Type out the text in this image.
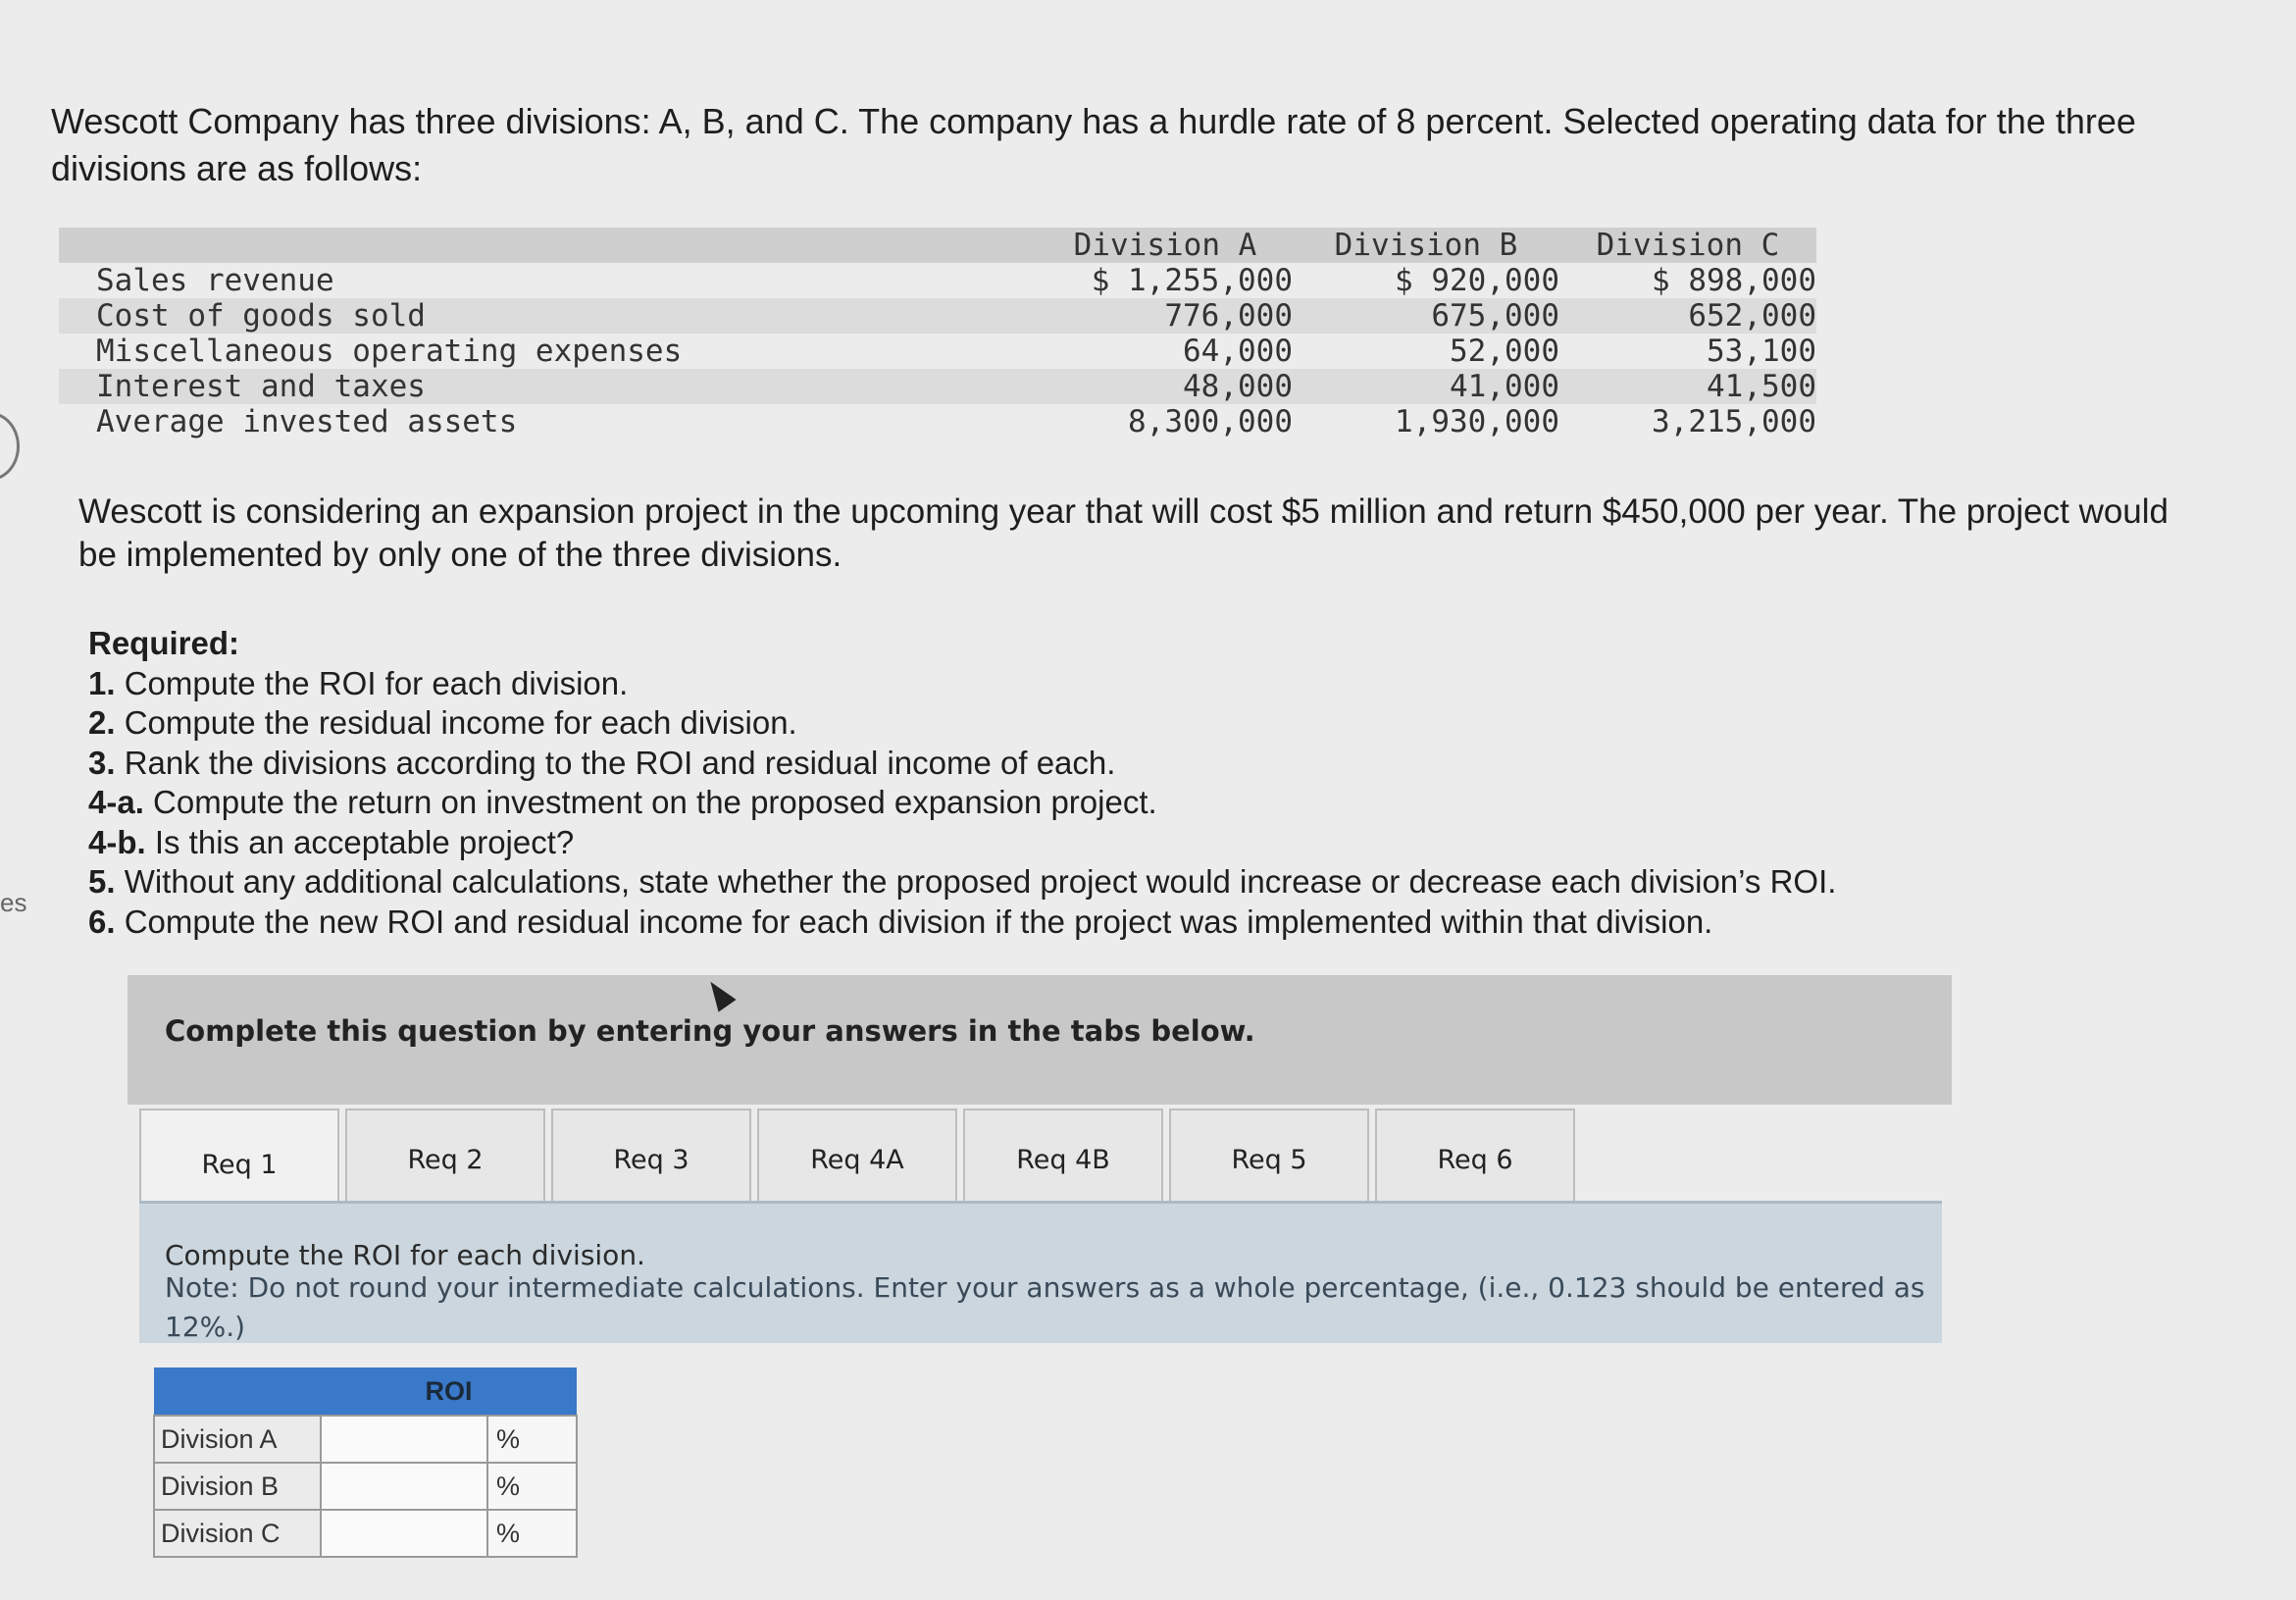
es
Wescott Company has three divisions: A, B, and C. The company has a hurdle rate of 8 percent. Selected operating data for the three divisions are as follows:
	Division A	Division B	Division C
Sales revenue	$ 1,255,000	$ 920,000	$ 898,000
Cost of goods sold	776,000	675,000	652,000
Miscellaneous operating expenses	64,000	52,000	53,100
Interest and taxes	48,000	41,000	41,500
Average invested assets	8,300,000	1,930,000	3,215,000
Wescott is considering an expansion project in the upcoming year that will cost $5 million and return $450,000 per year. The project would be implemented by only one of the three divisions.
Required:
1. Compute the ROI for each division.
2. Compute the residual income for each division.
3. Rank the divisions according to the ROI and residual income of each.
4-a. Compute the return on investment on the proposed expansion project.
4-b. Is this an acceptable project?
5. Without any additional calculations, state whether the proposed project would increase or decrease each division’s ROI.
6. Compute the new ROI and residual income for each division if the project was implemented within that division.
Complete this question by entering your answers in the tabs below.
Req 1	Req 2	Req 3	Req 4A	Req 4B	Req 5	Req 6
Compute the ROI for each division.
Note: Do not round your intermediate calculations. Enter your answers as a whole percentage, (i.e., 0.123 should be entered as 12%.)
	ROI	
Division A		%
Division B		%
Division C		%
